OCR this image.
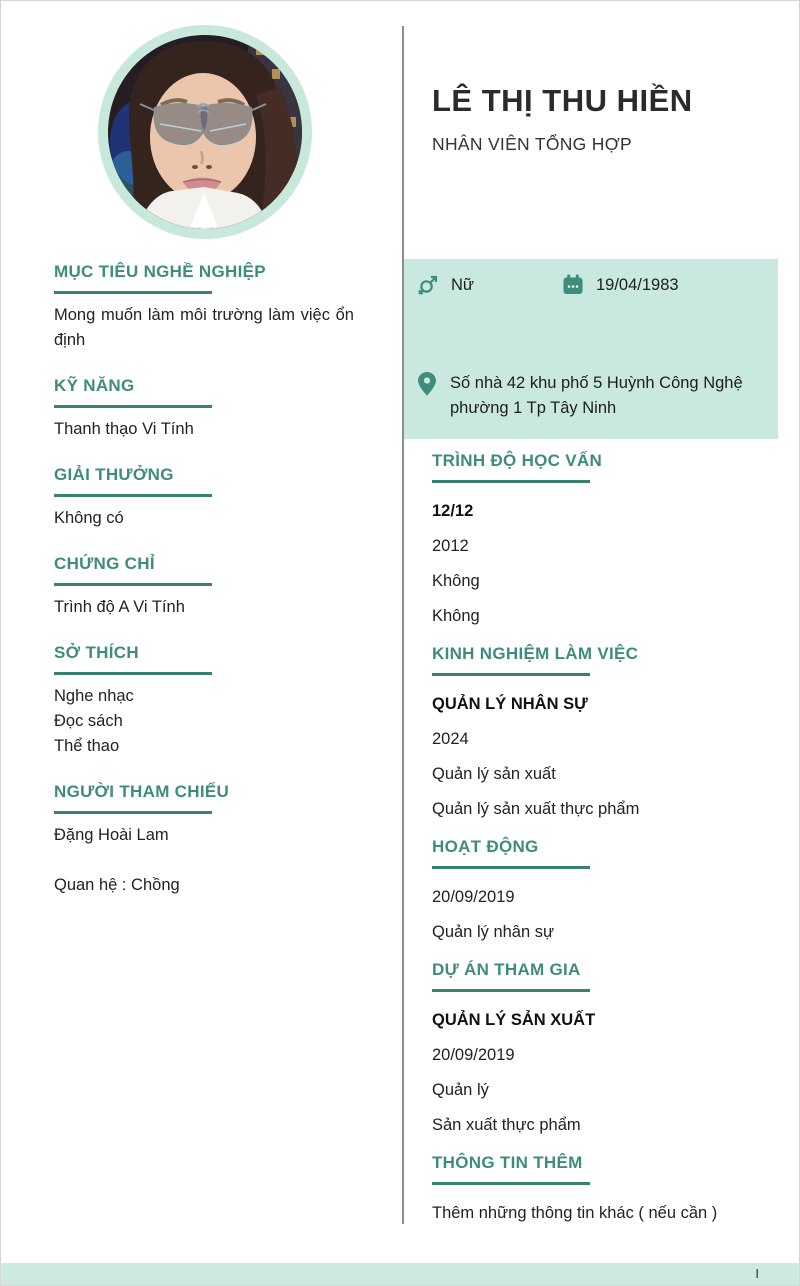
MỤC TIÊU NGHỀ NGHIỆP

Mong muốn làm môi trường làm việc ổn định

KỸ NĂNG

Thanh thạo Vi Tính

GIẢI THƯỞNG

Không có

CHỨNG CHỈ

Trình độ A Vi Tính

SỞ THÍCH
Nghe nhạc
Đọc sách
Thể thao
NGƯỜI THAM CHIẾU

Đặng Hoài Lam

Quan hệ : Chồng

LÊ THỊ THU HIỀN
NHÂN VIÊN TỔNG HỢP
Nữ	19/04/1983
Số nhà 42 khu phố 5 Huỳnh Công Nghệ phường 1 Tp Tây Ninh
TRÌNH ĐỘ HỌC VẤN
12/12
2012
Không
Không
KINH NGHIỆM LÀM VIỆC
QUẢN LÝ NHÂN SỰ
2024
Quản lý sản xuất
Quản lý sản xuất thực phẩm
HOẠT ĐỘNG
20/09/2019
Quản lý nhân sự
DỰ ÁN THAM GIA
QUẢN LÝ SẢN XUẤT
20/09/2019
Quản lý
Sản xuất thực phẩm
THÔNG TIN THÊM
Thêm những thông tin khác ( nếu cần )
I
